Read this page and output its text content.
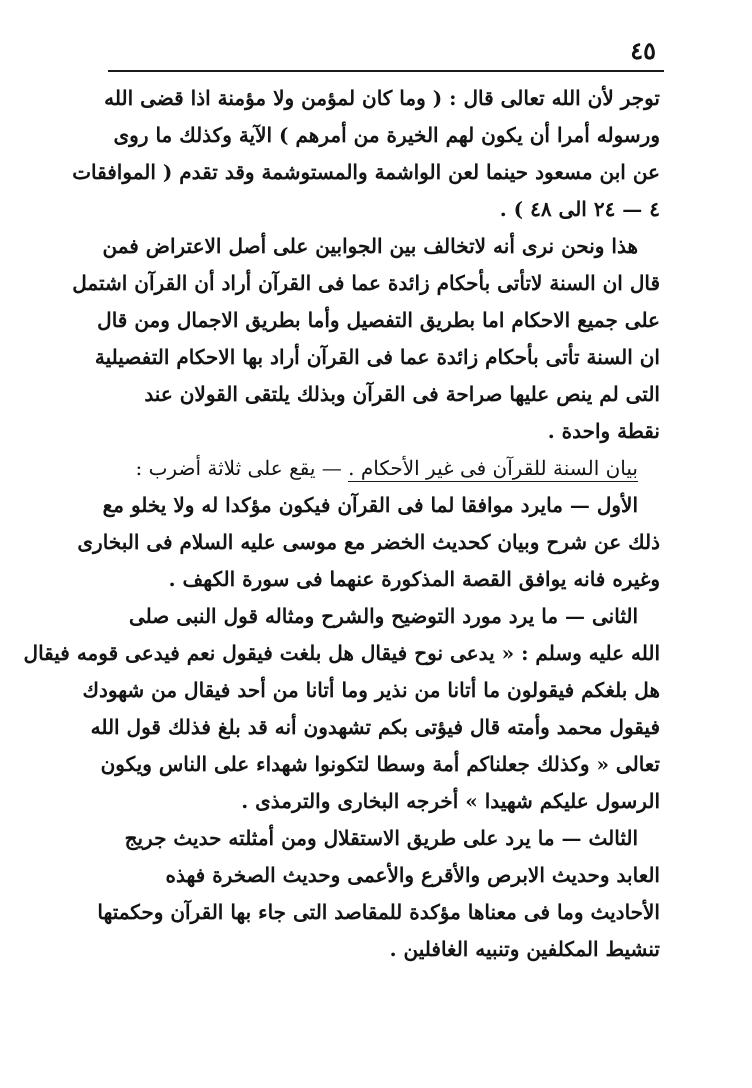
٤٥
توجر لأن الله تعالى قال : ( وما كان لمؤمن ولا مؤمنة اذا قضى الله
ورسوله أمرا أن يكون لهم الخيرة من أمرهم ) الآية وكذلك ما روى
عن ابن مسعود حينما لعن الواشمة والمستوشمة وقد تقدم ( الموافقات
٤ — ٢٤ الى ٤٨ ) .
هذا ونحن نرى أنه لاتخالف بين الجوابين على أصل الاعتراض فمن
قال ان السنة لاتأتى بأحكام زائدة عما فى القرآن أراد أن القرآن اشتمل
على جميع الاحكام اما بطريق التفصيل وأما بطريق الاجمال ومن قال
ان السنة تأتى بأحكام زائدة عما فى القرآن أراد بها الاحكام التفصيلية
التى لم ينص عليها صراحة فى القرآن وبذلك يلتقى القولان عند
نقطة واحدة .
بيان السنة للقرآن فى غير الأحكام . — يقع على ثلاثة أضرب :
الأول — مايرد موافقا لما فى القرآن فيكون مؤكدا له ولا يخلو مع
ذلك عن شرح وبيان كحديث الخضر مع موسى عليه السلام فى البخارى
وغيره فانه يوافق القصة المذكورة عنهما فى سورة الكهف .
الثانى — ما يرد مورد التوضيح والشرح ومثاله قول النبى صلى
الله عليه وسلم : « يدعى نوح فيقال هل بلغت فيقول نعم فيدعى قومه فيقال
هل بلغكم فيقولون ما أتانا من نذير وما أتانا من أحد فيقال من شهودك
فيقول محمد وأمته قال فيؤتى بكم تشهدون أنه قد بلغ فذلك قول الله
تعالى « وكذلك جعلناكم أمة وسطا لتكونوا شهداء على الناس ويكون
الرسول عليكم شهيدا » أخرجه البخارى والترمذى .
الثالث — ما يرد على طريق الاستقلال ومن أمثلته حديث جريج
العابد وحديث الابرص والأقرع والأعمى وحديث الصخرة فهذه
الأحاديث وما فى معناها مؤكدة للمقاصد التى جاء بها القرآن وحكمتها
تنشيط المكلفين وتنبيه الغافلين .
